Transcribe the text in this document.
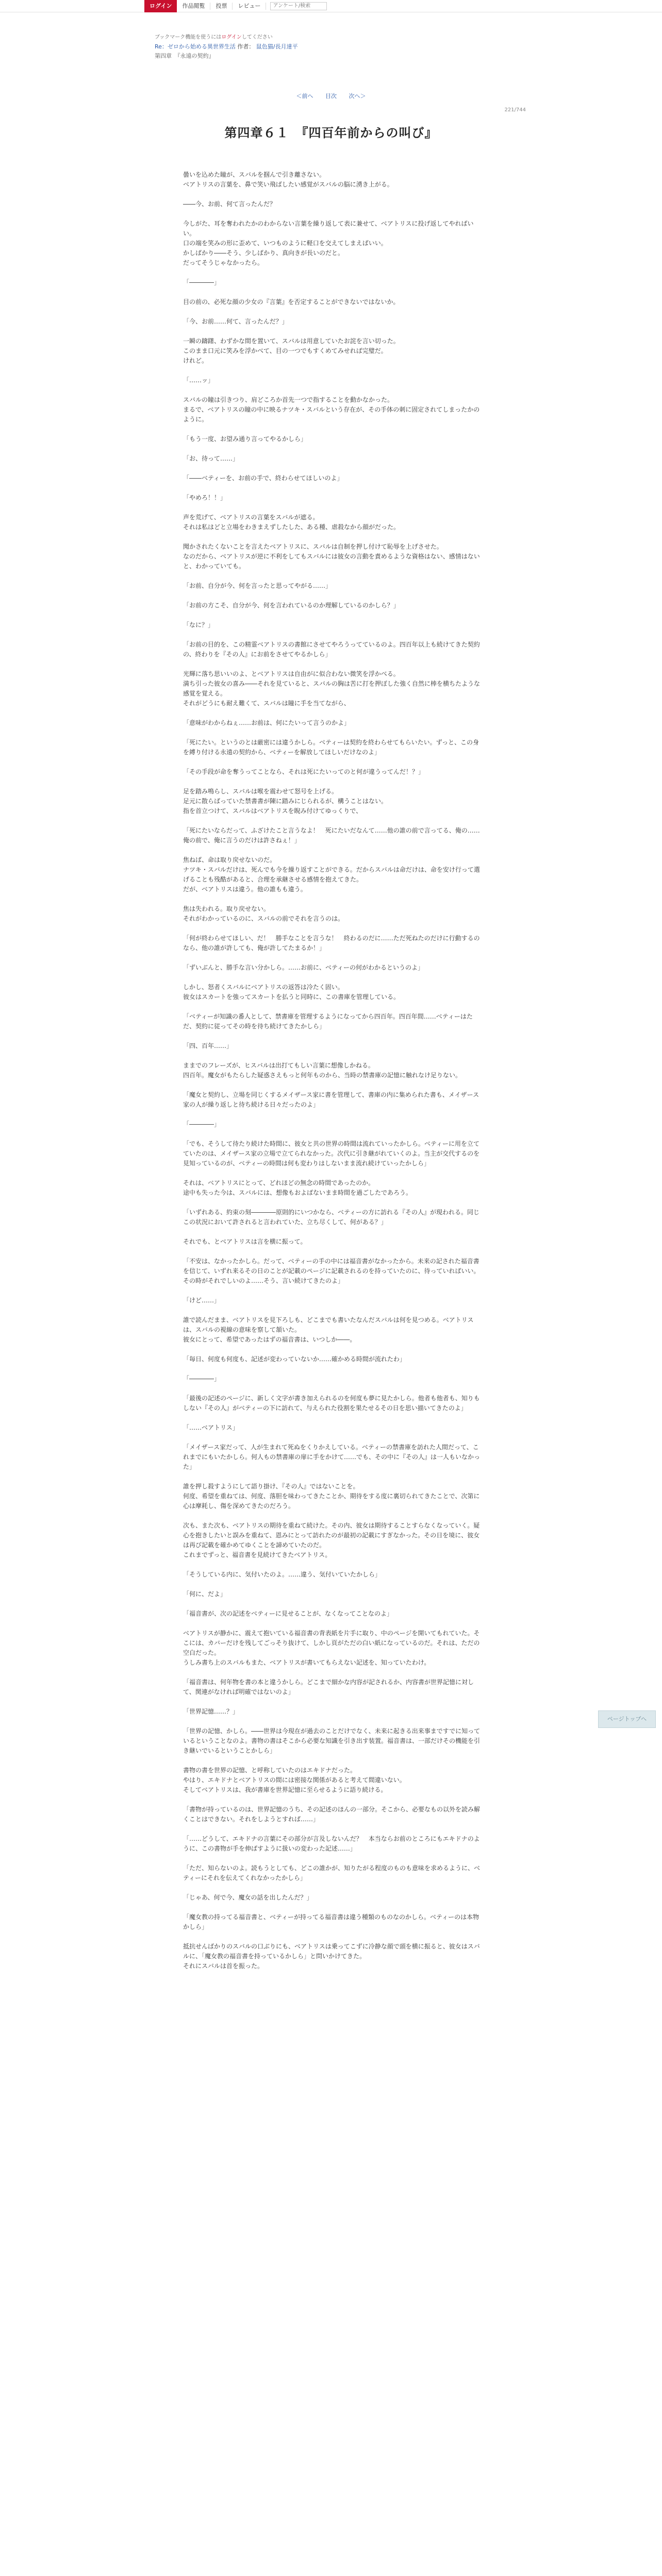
ログイン	作品閲覧	投票	レビュー
アンケート/検索
ブックマーク機能を使うにはログインしてください
Re：ゼロから始める異世界生活 作者： 鼠色猫/長月達平
第四章　『永遠の契約』
＜前へ 目次 次へ＞
221/744
第四章６１　『四百年前からの叫び』

曇いを込めた瞳が、スバルを掴んで引き離さない。
ベアトリスの言葉を、鼻で笑い飛ばしたい感覚がスバルの脳に湧き上がる。

――今、お前、何て言ったんだ？

今しがた、耳を奪われたかのわからない言葉を繰り返して表に兼せて、ベアトリスに投げ返してやればいい。
口の端を笑みの形に歪めて、いつものように軽口を交えてしまえばいい。
かしばかり――そう、少しばかり、真向きが長いのだと。
だってそうじゃなかったら。

「――――」

目の前の、必死な顔の少女の『言葉』を否定することができないではないか。

「今、お前……何て、言ったんだ？」

一瞬の躊躇、わずかな間を置いて、スバルは用意していたお詫を言い切った。
このまま口元に笑みを浮かべて、目の一つでもすくめてみせれば完璧だ。
けれど。

「……ッ」

スバルの瞳は引きつり、肩どころか首先一つで指することを動かなかった。
まるで、ベアトリスの瞳の中に映るナツキ・スバルという存在が、その手体の刺に固定されてしまったかのように。

「もう一度、お望み通り言ってやるかしら」

「お、待って……」

「――ベティーを、お前の手で、終わらせてほしいのよ」

「やめろ！！」

声を荒げて、ベアトリスの言葉をスバルが遮る。
それは私はどと立場をわきまえずしたした、ある種、虐殺なから顔がだった。

聞かされたくないことを言えたベアトリスに、スバルは自制を押し付けて恥辱を上げさせた。
なのだから、ベアトリスが逆に不利をしてもスバルには彼女の言動を責めるような資格はない、感情はないと、わかっていても。

「お前、自分が今、何を言ったと思ってやがる……」

「お前の方こそ、自分が今、何を言われているのか理解しているのかしら？」

「なに？」

「お前の目的を、この精霊ベアトリスの書館にさせてやろうってているのよ。四百年以上も続けてきた契約の、終わりを『その人』にお前をさせてやるかしら」

光輝に落ち思いいのよ、とベアトリスは自由がに似合わない微笑を浮かべる。
満ち引った彼女の喜み――それを見ていると、スバルの胸は苦に打を押ぼした強く自然に棒を横ちたような感覚を覚える。
それがどうにも耐え難くて、スバルは瞳に手を当てながら、

「意味がわからねぇ……お前は、何にたいって言うのかよ」

「死にたい。というのとは厳密には違うかしら。ベティーは契約を終わらせてもらいたい。ずっと、この身を縛り付ける永遠の契約から、ベティーを解放してほしいだけなのよ」

「その手段が命を奪うってことなら、それは死にたいってのと何が違うってんだ！？」

足を踏み鳴らし、スバルは喉を震わせて怒号を上げる。
足元に散らばっていた禁書書が陳に踏みにじられるが、構うことはない。
指を首立つけて、スバルはベアトリスを睨み付けてゆっくりで、

「死にたいならだって、ふざけたこと言うなよ！　死にたいだなんて……他の誰の前で言ってる、俺の……俺の前で、俺に言うのだけは許さねぇ！」

焦ねば、命は取り戻せないのだ。
ナツキ・スバルだけは、死んでも今を繰り返すことができる。だからスバルは命だけは、命を安け行って選げることも残酷があると、合理を承継させる感情を抱えてきた。
だが、ベアトリスは違う。他の誰もも違う。

焦は失われる。取り戻せない。
それがわかっているのに、スバルの前でそれを言うのは。

「何が終わらせてほしい、だ！　勝手なことを言うな！　終わるのだに……ただ死ねたのだけに行動するのなら、他の誰が許しても、俺が許してたまるか！」

「ずいぶんと、勝手な言い分かしら。……お前に、ベティーの何がわかるというのよ」

しかし、怒者くスバルにベアトリスの返答は冷たく固い。
彼女はスカートを強ってスカートを払うと同時に、この書庫を管理している。

「ベティーが知識の番人として、禁書庫を管理するようになってから四百年。四百年間……ベティーはただ、契約に従ってその時を待ち続けてきたかしら」

「四、百年……」

ままでのフレーズが、ヒスバルは出打てもしい言葉に想像しかねる。
四百年。魔女がもたらした疑惑さえもっと何年ものから、当時の禁書庫の記憶に触れなけ足りない。

「魔女と契約し、立場を同じくするメイザース家に書を管理して、書庫の内に集められた書も、メイザース家の人が繰り返しと待ち続ける日々だったのよ」

「――――」

「でも、そうして待たり続けた時間に、彼女と共の世界の時間は流れていったかしら。ベティーに用を立てていたのは、メイザース家の立場で立てられなかった。次代に引き継がれていくのよ。当主が交代するのを見知っているのが、ベティーの時間は何も変わりはしないまま流れ続けていったかしら」

それは、ベアトリスにとって、どれほどの無念の時間であったのか。
途中も失った今は、スバルには、想像もおよばないまま時間を過ごしたであろう。

「いずれある、約束の刻――――原則的にいつかなら、ベティーの方に訪れる『その人』が現われる。同じこの状況において許されると言われていた、立ち尽くして、何がある？」

それでも、とベアトリスは言を横に振って。

「不安は、なかったかしら。だって、ベティーの手の中には福音書がなかったから。未来の記された福音書を信じて、いずれ来るその日のことが記載のページに記載されるのを持っていたのに、待っていればいい。その時がそれでしいのよ……そう、言い続けてきたのよ」

「けど……」

誰で読んだまま、ベアトリスを見下ろしも、どこまでも書いたなんだスバルは何を見つめる。ベアトリスは、スバルの視線の意味を察して頷いた。
彼女にとって、希望であったはずの福音書は、いつしか――。

「毎日、何度も何度も、記述が変わっていないか……確かめる時間が流れたわ」

「――――」

「最後の記述のページに、新しく文字が書き加えられるのを何度も夢に見たかしら。他者も他者も、知りもしない『その人』がベティーの下に訪れて、与えられた役割を果たせるその日を思い描いてきたのよ」

「……ベアトリス」

「メイザース家だって、人が生まれて死ぬをくりかえしている。ベティーの禁書庫を訪れた人間だって、これまでにもいたかしら。何人もの禁書庫の扉に手をかけて……でも、その中に『その人』は一人もいなかった」

誰を押し殺すようにして語り掛け、『その人』ではないことを。
何度、希望を重ねては、何度、落胆を味わってきたことか、期待をする度に裏切られてきたことで、次第に心は摩耗し、傷を深めてきたのだろう。

次も、また次も、ベアトリスの期待を重ねて続けた。その内、彼女は期待することすらなくなっていく。疑心を抱きしたいと誤みを重ねて、恩みにとって訪れたのが最初の記載にすぎなかった。その日を境に、彼女は再び記載を確かめてゆくことを諦めていたのだ。
これまでずっと、福音書を見続けてきたベアトリス。

「そうしている内に、気付いたのよ。……違う、気付いていたかしら」

「何に、だよ」

「福音書が、次の記述をベティーに見せることが、なくなってことなのよ」

ベアトリスが静かに、震えて抱いている福音書の背表紙を片手に取り、中のページを開いてもれていた。そこには、カバーだけを残してごっそり抜けて、しかし頁がただの白い紙になっているのだ。それは、ただの空白だった。
うしみ書ち上のスバルもまた、ベアトリスが書いてもらえない記述を、知っていたわけ。

「福音書は、何年物を書の本と違うかしら。どこまで細かな内容が記されるか、内容書が世界記憶に対して、関連がなければ明確ではないのよ」

「世界記憶……？」

「世界の記憶、かしら。――世界は今現在が過去のことだけでなく、未来に起きる出来事まですでに知っているということなのよ。書物の書はそこから必要な知識を引き出す装置。福音書は、一部だけその機能を引き継いでいるということかしら」

書物の書を世界の記憶、と呼称していたのはエキドナだった。
やはり、エキドナとベアトリスの間には密接な関係があると考えて間違いない。
そしてベアトリスは、我が書庫を世界記憶に至らせるように語り続ける。

「書物が持っているのは、世界記憶のうち、その記述のほんの一部分。そこから、必要なもの以外を読み解くことはできない。それをしようとすれば……」

「……どうして、エキドナの言葉にその部分が言及しないんだ？　本当ならお前のところにもエキドナのように、この書物が手を伸ばすように扱いの変わった記述……」

「ただ、知らないのよ。読もうとしても、どこの誰かが、知りたがる程度のものも意味を求めるように、ベティーにそれを伝えてくれなかったかしら」

「じゃあ、何で今、魔女の話を出したんだ？」

「魔女教の持ってる福音書と、ベティーが持ってる福音書は違う種類のものなのかしら。ベティーのは本物かしら」

抵抗せんばかりのスバルの口ぶりにも、ベアトリスは乗ってこずに冷静な顔で頭を横に振ると、彼女はスバルに、「魔女教の福音書を持っているかしら」と問いかけてきた。
それにスバルは首を振った。

ページトップへ
